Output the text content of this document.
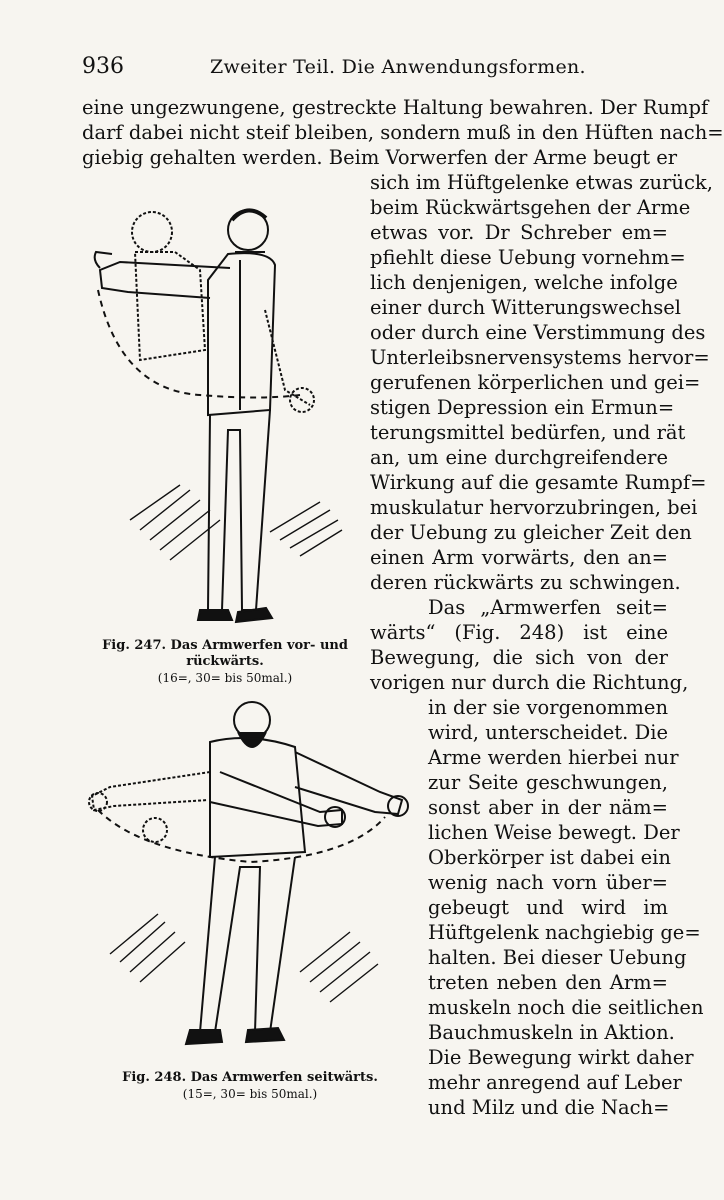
936	Zweiter Teil. Die Anwendungsformen.
eine ungezwungene, gestreckte Haltung bewahren. Der Rumpf
darf dabei nicht steif bleiben, sondern muß in den Hüften nach=
giebig gehalten werden. Beim Vorwerfen der Arme beugt er
sich im Hüftgelenke etwas zurück,
beim Rückwärtsgehen der Arme
etwas vor. Dr Schreber em=
pfiehlt diese Uebung vornehm=
lich denjenigen, welche infolge
einer durch Witterungswechsel
oder durch eine Verstimmung des
Unterleibsnervensystems hervor=
gerufenen körperlichen und gei=
stigen Depression ein Ermun=
terungsmittel bedürfen, und rät
an, um eine durchgreifendere
Wirkung auf die gesamte Rumpf=
muskulatur hervorzubringen, bei
der Uebung zu gleicher Zeit den
einen Arm vorwärts, den an=
deren rückwärts zu schwingen.
Das „Armwerfen seit=
wärts“ (Fig. 248) ist eine
Bewegung, die sich von der
vorigen nur durch die Richtung,
in der sie vorgenommen
wird, unterscheidet. Die
Arme werden hierbei nur
zur Seite geschwungen,
sonst aber in der näm=
lichen Weise bewegt. Der
Oberkörper ist dabei ein
wenig nach vorn über=
gebeugt und wird im
Hüftgelenk nachgiebig ge=
halten. Bei dieser Uebung
treten neben den Arm=
muskeln noch die seitlichen
Bauchmuskeln in Aktion.
Die Bewegung wirkt daher
mehr anregend auf Leber
und Milz und die Nach=
Fig. 247. Das Armwerfen vor- und
rückwärts.
(16=, 30= bis 50mal.)
Fig. 248. Das Armwerfen seitwärts.
(15=, 30= bis 50mal.)
